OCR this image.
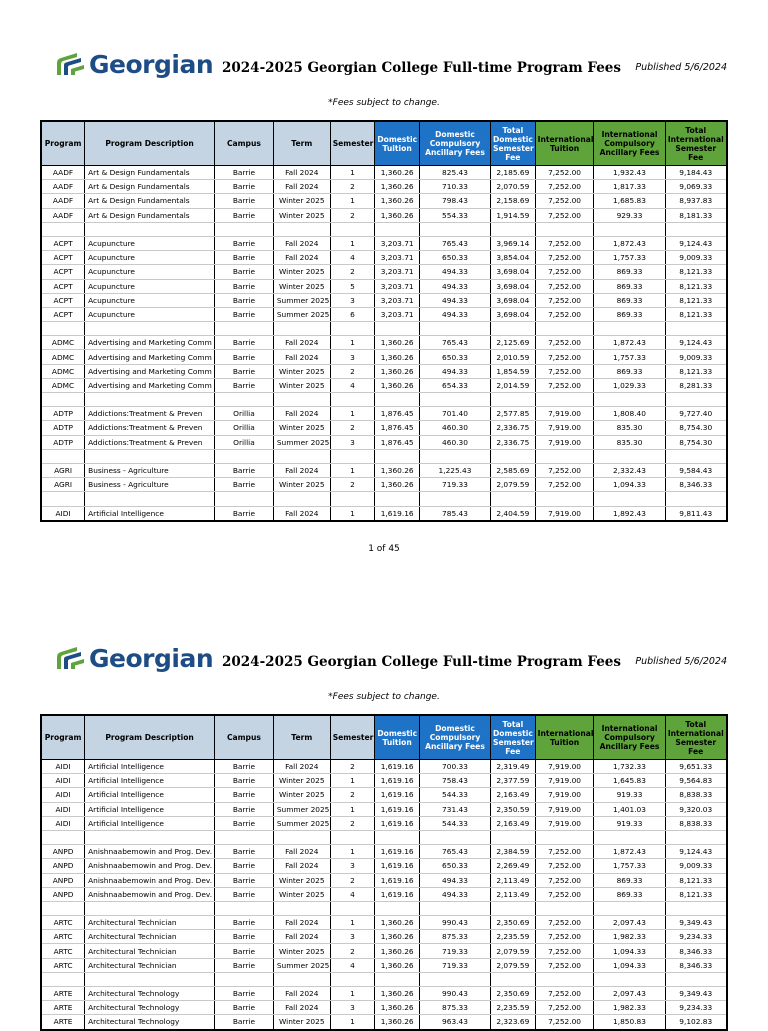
Georgian 2024-2025 Georgian College Full-time Program Fees Published 5/6/2024
*Fees subject to change.
Program	Program Description	Campus	Term	Semester	Domestic Tuition	Domestic Compulsory Ancillary Fees	Total Domestic Semester Fee	International Tuition	International Compulsory Ancillary Fees	Total International Semester Fee
AADF	Art & Design Fundamentals	Barrie	Fall 2024	1	1,360.26	825.43	2,185.69	7,252.00	1,932.43	9,184.43
AADF	Art & Design Fundamentals	Barrie	Fall 2024	2	1,360.26	710.33	2,070.59	7,252.00	1,817.33	9,069.33
AADF	Art & Design Fundamentals	Barrie	Winter 2025	1	1,360.26	798.43	2,158.69	7,252.00	1,685.83	8,937.83
AADF	Art & Design Fundamentals	Barrie	Winter 2025	2	1,360.26	554.33	1,914.59	7,252.00	929.33	8,181.33

ACPT	Acupuncture	Barrie	Fall 2024	1	3,203.71	765.43	3,969.14	7,252.00	1,872.43	9,124.43
ACPT	Acupuncture	Barrie	Fall 2024	4	3,203.71	650.33	3,854.04	7,252.00	1,757.33	9,009.33
ACPT	Acupuncture	Barrie	Winter 2025	2	3,203.71	494.33	3,698.04	7,252.00	869.33	8,121.33
ACPT	Acupuncture	Barrie	Winter 2025	5	3,203.71	494.33	3,698.04	7,252.00	869.33	8,121.33
ACPT	Acupuncture	Barrie	Summer 2025	3	3,203.71	494.33	3,698.04	7,252.00	869.33	8,121.33
ACPT	Acupuncture	Barrie	Summer 2025	6	3,203.71	494.33	3,698.04	7,252.00	869.33	8,121.33

ADMC	Advertising and Marketing Comm	Barrie	Fall 2024	1	1,360.26	765.43	2,125.69	7,252.00	1,872.43	9,124.43
ADMC	Advertising and Marketing Comm	Barrie	Fall 2024	3	1,360.26	650.33	2,010.59	7,252.00	1,757.33	9,009.33
ADMC	Advertising and Marketing Comm	Barrie	Winter 2025	2	1,360.26	494.33	1,854.59	7,252.00	869.33	8,121.33
ADMC	Advertising and Marketing Comm	Barrie	Winter 2025	4	1,360.26	654.33	2,014.59	7,252.00	1,029.33	8,281.33

ADTP	Addictions:Treatment & Preven	Orillia	Fall 2024	1	1,876.45	701.40	2,577.85	7,919.00	1,808.40	9,727.40
ADTP	Addictions:Treatment & Preven	Orillia	Winter 2025	2	1,876.45	460.30	2,336.75	7,919.00	835.30	8,754.30
ADTP	Addictions:Treatment & Preven	Orillia	Summer 2025	3	1,876.45	460.30	2,336.75	7,919.00	835.30	8,754.30

AGRI	Business - Agriculture	Barrie	Fall 2024	1	1,360.26	1,225.43	2,585.69	7,252.00	2,332.43	9,584.43
AGRI	Business - Agriculture	Barrie	Winter 2025	2	1,360.26	719.33	2,079.59	7,252.00	1,094.33	8,346.33

AIDI	Artificial Intelligence	Barrie	Fall 2024	1	1,619.16	785.43	2,404.59	7,919.00	1,892.43	9,811.43
1 of 45
Georgian 2024-2025 Georgian College Full-time Program Fees Published 5/6/2024
*Fees subject to change.
Program	Program Description	Campus	Term	Semester	Domestic Tuition	Domestic Compulsory Ancillary Fees	Total Domestic Semester Fee	International Tuition	International Compulsory Ancillary Fees	Total International Semester Fee
AIDI	Artificial Intelligence	Barrie	Fall 2024	2	1,619.16	700.33	2,319.49	7,919.00	1,732.33	9,651.33
AIDI	Artificial Intelligence	Barrie	Winter 2025	1	1,619.16	758.43	2,377.59	7,919.00	1,645.83	9,564.83
AIDI	Artificial Intelligence	Barrie	Winter 2025	2	1,619.16	544.33	2,163.49	7,919.00	919.33	8,838.33
AIDI	Artificial Intelligence	Barrie	Summer 2025	1	1,619.16	731.43	2,350.59	7,919.00	1,401.03	9,320.03
AIDI	Artificial Intelligence	Barrie	Summer 2025	2	1,619.16	544.33	2,163.49	7,919.00	919.33	8,838.33

ANPD	Anishnaabemowin and Prog. Dev.	Barrie	Fall 2024	1	1,619.16	765.43	2,384.59	7,252.00	1,872.43	9,124.43
ANPD	Anishnaabemowin and Prog. Dev.	Barrie	Fall 2024	3	1,619.16	650.33	2,269.49	7,252.00	1,757.33	9,009.33
ANPD	Anishnaabemowin and Prog. Dev.	Barrie	Winter 2025	2	1,619.16	494.33	2,113.49	7,252.00	869.33	8,121.33
ANPD	Anishnaabemowin and Prog. Dev.	Barrie	Winter 2025	4	1,619.16	494.33	2,113.49	7,252.00	869.33	8,121.33

ARTC	Architectural Technician	Barrie	Fall 2024	1	1,360.26	990.43	2,350.69	7,252.00	2,097.43	9,349.43
ARTC	Architectural Technician	Barrie	Fall 2024	3	1,360.26	875.33	2,235.59	7,252.00	1,982.33	9,234.33
ARTC	Architectural Technician	Barrie	Winter 2025	2	1,360.26	719.33	2,079.59	7,252.00	1,094.33	8,346.33
ARTC	Architectural Technician	Barrie	Summer 2025	4	1,360.26	719.33	2,079.59	7,252.00	1,094.33	8,346.33

ARTE	Architectural Technology	Barrie	Fall 2024	1	1,360.26	990.43	2,350.69	7,252.00	2,097.43	9,349.43
ARTE	Architectural Technology	Barrie	Fall 2024	3	1,360.26	875.33	2,235.59	7,252.00	1,982.33	9,234.33
ARTE	Architectural Technology	Barrie	Winter 2025	1	1,360.26	963.43	2,323.69	7,252.00	1,850.83	9,102.83
